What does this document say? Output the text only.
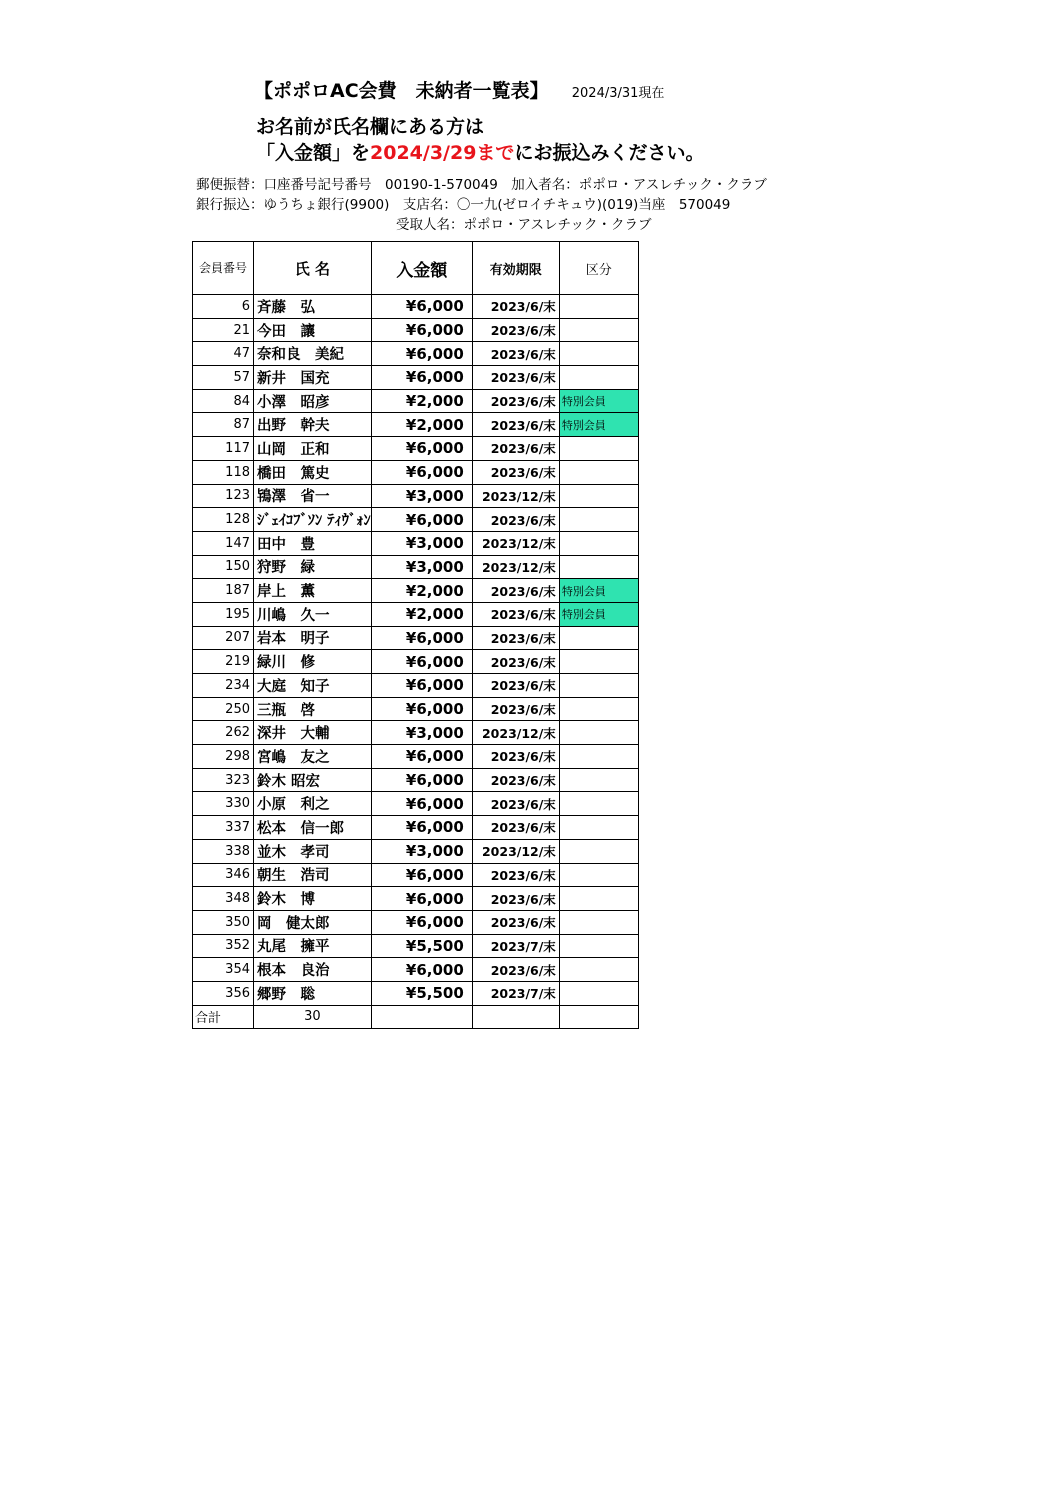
【ポポロAC会費　未納者一覧表】 2024/3/31現在
お名前が氏名欄にある方は
「入金額」を2024/3/29までにお振込みください。
郵便振替：口座番号記号番号　00190-1-570049　加入者名：ポポロ・アスレチック・クラブ
銀行振込：ゆうちょ銀行(9900)　支店名：〇一九(ゼロイチキュウ)(019)当座　570049
受取人名：ポポロ・アスレチック・クラブ
会員番号	氏 名	入金額	有効期限	区分
6	斉藤　弘	¥6,000	2023/6/末	
21	今田　讓	¥6,000	2023/6/末	
47	奈和良　美紀	¥6,000	2023/6/末	
57	新井　国充	¥6,000	2023/6/末	
84	小澤　昭彦	¥2,000	2023/6/末	特別会員
87	出野　幹夫	¥2,000	2023/6/末	特別会員
117	山岡　正和	¥6,000	2023/6/末	
118	橋田　篤史	¥6,000	2023/6/末	
123	鴇澤　省一	¥3,000	2023/12/末	
128	ｼﾞｪｲｺﾌﾞｿﾝ ﾃｨｳﾞｫﾝ	¥6,000	2023/6/末	
147	田中　豊	¥3,000	2023/12/末	
150	狩野　緑	¥3,000	2023/12/末	
187	岸上　薫	¥2,000	2023/6/末	特別会員
195	川嶋　久一	¥2,000	2023/6/末	特別会員
207	岩本　明子	¥6,000	2023/6/末	
219	緑川　修	¥6,000	2023/6/末	
234	大庭　知子	¥6,000	2023/6/末	
250	三瓶　啓	¥6,000	2023/6/末	
262	深井　大輔	¥3,000	2023/12/末	
298	宮嶋　友之	¥6,000	2023/6/末	
323	鈴木 昭宏	¥6,000	2023/6/末	
330	小原　利之	¥6,000	2023/6/末	
337	松本　信一郎	¥6,000	2023/6/末	
338	並木　孝司	¥3,000	2023/12/末	
346	朝生　浩司	¥6,000	2023/6/末	
348	鈴木　博	¥6,000	2023/6/末	
350	岡　健太郎	¥6,000	2023/6/末	
352	丸尾　擁平	¥5,500	2023/7/末	
354	根本　良治	¥6,000	2023/6/末	
356	郷野　聡	¥5,500	2023/7/末	
合計	30			
